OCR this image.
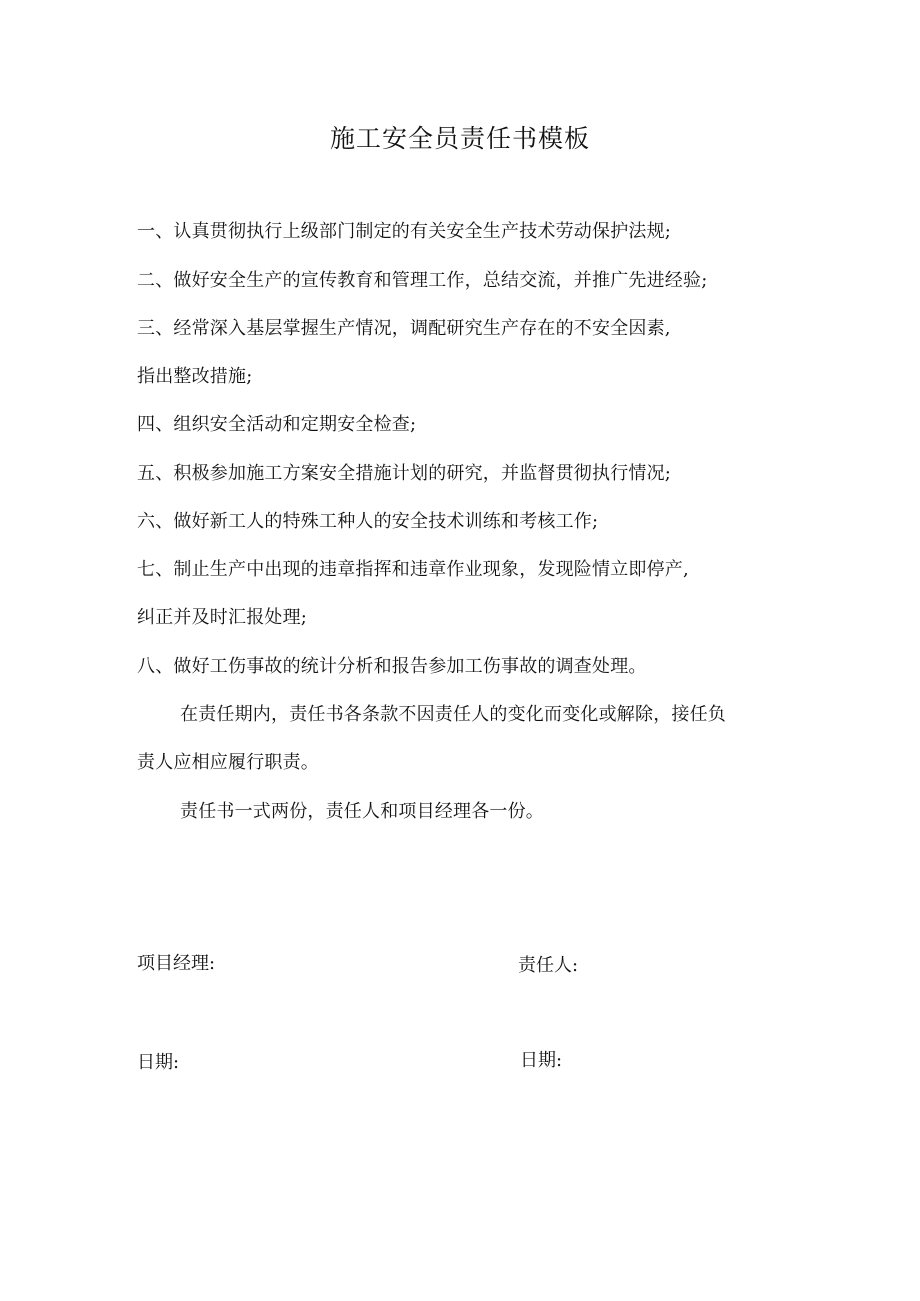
施工安全员责任书模板
一、认真贯彻执行上级部门制定的有关安全生产技术劳动保护法规;
二、做好安全生产的宣传教育和管理工作，总结交流，并推广先进经验;
三、经常深入基层掌握生产情况，调配研究生产存在的不安全因素,
指出整改措施;
四、组织安全活动和定期安全检查;
五、积极参加施工方案安全措施计划的研究，并监督贯彻执行情况;
六、做好新工人的特殊工种人的安全技术训练和考核工作;
七、制止生产中出现的违章指挥和违章作业现象，发现险情立即停产,
纠正并及时汇报处理;
八、做好工伤事故的统计分析和报告参加工伤事故的调查处理。
在责任期内，责任书各条款不因责任人的变化而变化或解除，接任负
责人应相应履行职责。
责任书一式两份，责任人和项目经理各一份。
项目经理:	责任人:
日期:	日期:
